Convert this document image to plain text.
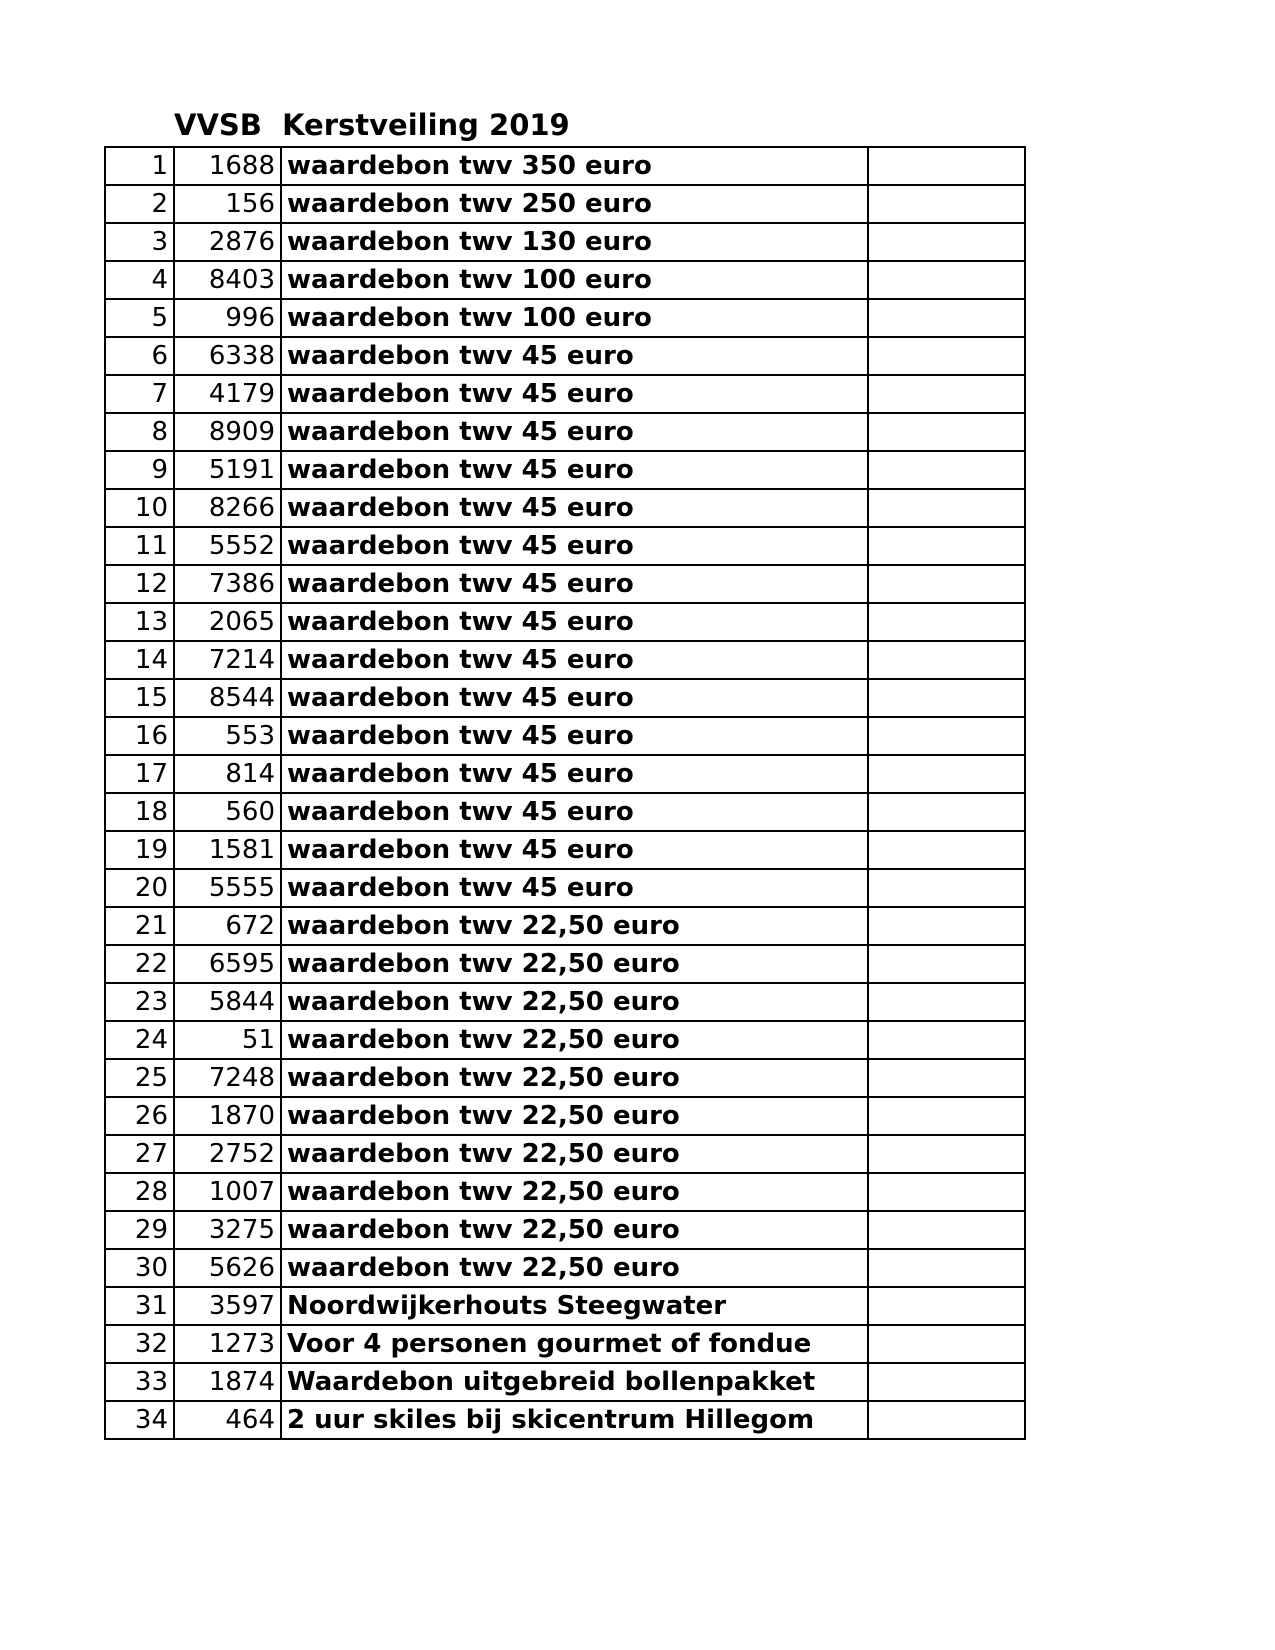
VVSB  Kerstveiling 2019
1	1688	waardebon twv 350 euro	
2	156	waardebon twv 250 euro	
3	2876	waardebon twv 130 euro	
4	8403	waardebon twv 100 euro	
5	996	waardebon twv 100 euro	
6	6338	waardebon twv 45 euro	
7	4179	waardebon twv 45 euro	
8	8909	waardebon twv 45 euro	
9	5191	waardebon twv 45 euro	
10	8266	waardebon twv 45 euro	
11	5552	waardebon twv 45 euro	
12	7386	waardebon twv 45 euro	
13	2065	waardebon twv 45 euro	
14	7214	waardebon twv 45 euro	
15	8544	waardebon twv 45 euro	
16	553	waardebon twv 45 euro	
17	814	waardebon twv 45 euro	
18	560	waardebon twv 45 euro	
19	1581	waardebon twv 45 euro	
20	5555	waardebon twv 45 euro	
21	672	waardebon twv 22,50 euro	
22	6595	waardebon twv 22,50 euro	
23	5844	waardebon twv 22,50 euro	
24	51	waardebon twv 22,50 euro	
25	7248	waardebon twv 22,50 euro	
26	1870	waardebon twv 22,50 euro	
27	2752	waardebon twv 22,50 euro	
28	1007	waardebon twv 22,50 euro	
29	3275	waardebon twv 22,50 euro	
30	5626	waardebon twv 22,50 euro	
31	3597	Noordwijkerhouts Steegwater	
32	1273	Voor 4 personen gourmet of fondue	
33	1874	Waardebon uitgebreid bollenpakket	
34	464	2 uur skiles bij skicentrum Hillegom	
